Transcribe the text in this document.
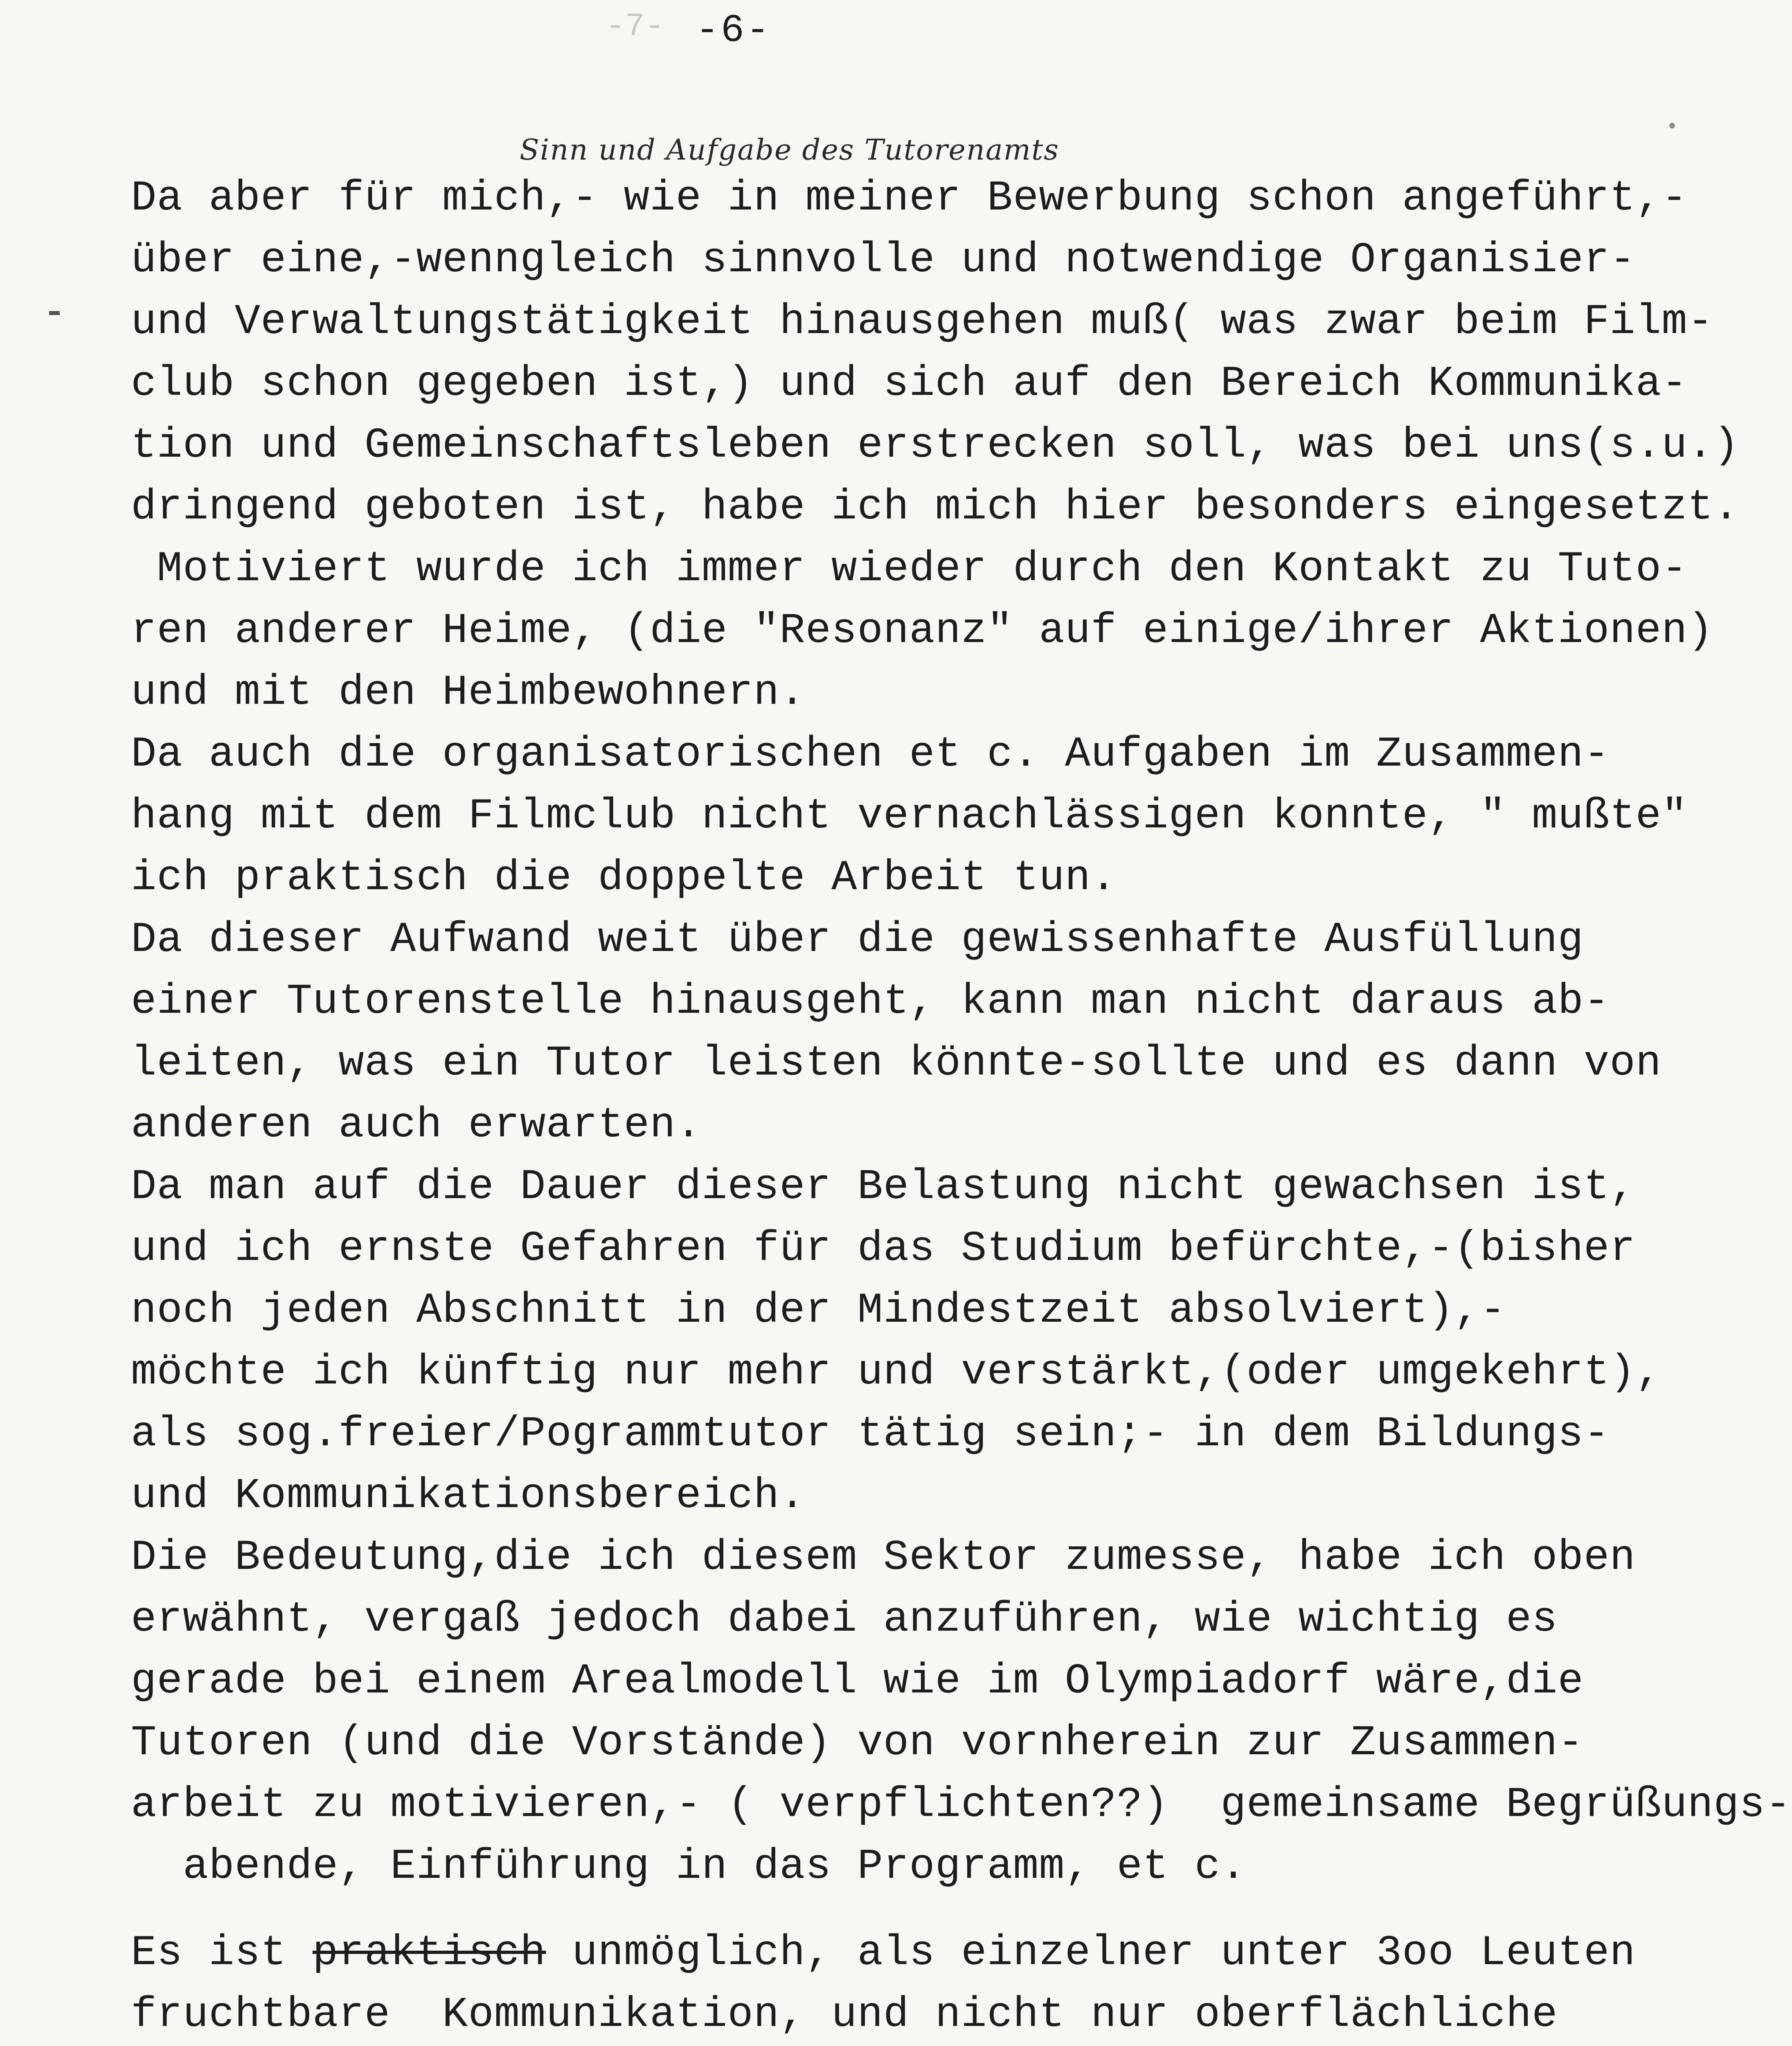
-7- -6-
Sinn und Aufgabe des Tutorenamts
Da aber für mich,- wie in meiner Bewerbung schon angeführt,-
über eine,-wenngleich sinnvolle und notwendige Organisier-
und Verwaltungstätigkeit hinausgehen muß( was zwar beim Film-
club schon gegeben ist,) und sich auf den Bereich Kommunika-
tion und Gemeinschaftsleben erstrecken soll, was bei uns(s.u.)
dringend geboten ist, habe ich mich hier besonders eingesetzt.
Motiviert wurde ich immer wieder durch den Kontakt zu Tuto-
ren anderer Heime, (die "Resonanz" auf einige/ihrer Aktionen)
und mit den Heimbewohnern.
Da auch die organisatorischen et c. Aufgaben im Zusammen-
hang mit dem Filmclub nicht vernachlässigen konnte, " mußte"
ich praktisch die doppelte Arbeit tun.
Da dieser Aufwand weit über die gewissenhafte Ausfüllung
einer Tutorenstelle hinausgeht, kann man nicht daraus ab-
leiten, was ein Tutor leisten könnte-sollte und es dann von
anderen auch erwarten.
Da man auf die Dauer dieser Belastung nicht gewachsen ist,
und ich ernste Gefahren für das Studium befürchte,-(bisher
noch jeden Abschnitt in der Mindestzeit absolviert),-
möchte ich künftig nur mehr und verstärkt,(oder umgekehrt),
als sog.freier/Pogrammtutor tätig sein;- in dem Bildungs-
und Kommunikationsbereich.
Die Bedeutung,die ich diesem Sektor zumesse, habe ich oben
erwähnt, vergaß jedoch dabei anzuführen, wie wichtig es
gerade bei einem Arealmodell wie im Olympiadorf wäre,die
Tutoren (und die Vorstände) von vornherein zur Zusammen-
arbeit zu motivieren,- ( verpflichten??)  gemeinsame Begrüßungs-
abende, Einführung in das Programm, et c.
Es ist praktisch unmöglich, als einzelner unter 3oo Leuten
fruchtbare  Kommunikation, und nicht nur oberflächliche
